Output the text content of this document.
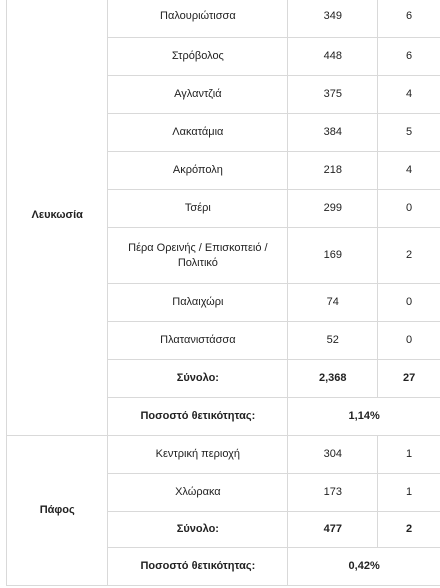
Λευκωσία	Παλουριώτισσα	349	6
	Στρόβολος	448	6
	Αγλαντζιά	375	4
	Λακατάμια	384	5
	Ακρόπολη	218	4
	Τσέρι	299	0
	Πέρα Ορεινής / Επισκοπειό / Πολιτικό	169	2
	Παλαιχώρι	74	0
	Πλατανιστάσσα	52	0
	Σύνολο:	2,368	27
	Ποσοστό θετικότητας:	1,14%	
Πάφος	Κεντρική περιοχή	304	1
	Χλώρακα	173	1
	Σύνολο:	477	2
	Ποσοστό θετικότητας:	0,42%	
